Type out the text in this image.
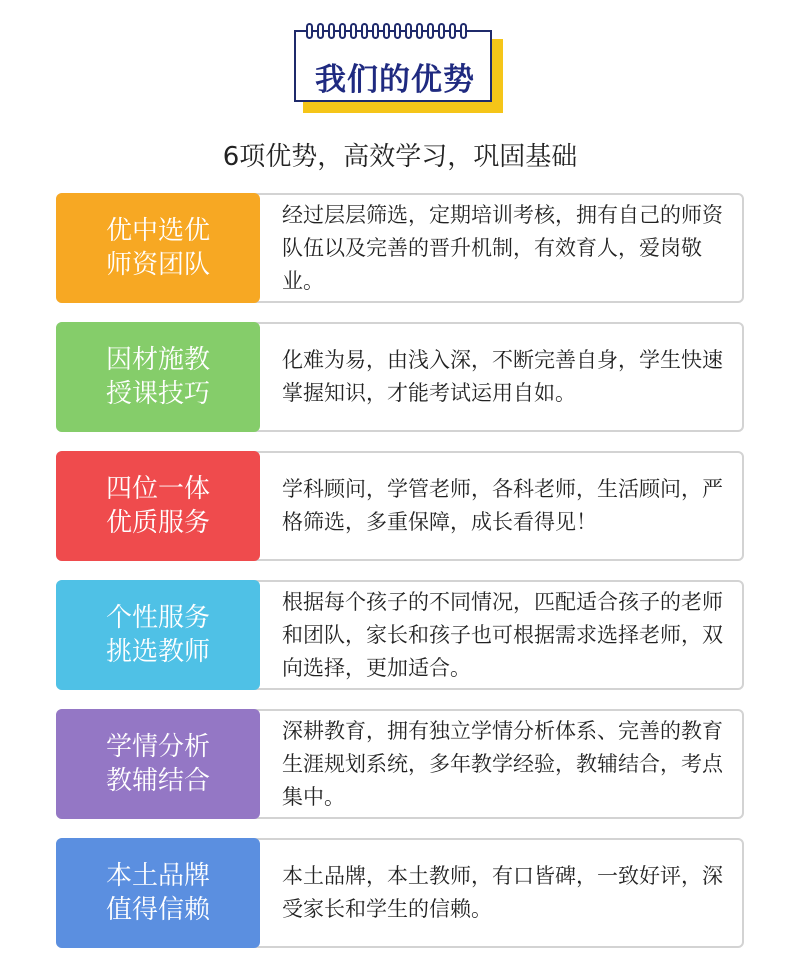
我们的优势
6项优势，高效学习，巩固基础
优中选优
师资团队
经过层层筛选，定期培训考核，拥有自己的师资队伍以及完善的晋升机制，有效育人，爱岗敬业。
因材施教
授课技巧
化难为易，由浅入深，不断完善自身，学生快速掌握知识，才能考试运用自如。
四位一体
优质服务
学科顾问，学管老师，各科老师，生活顾问，严格筛选，多重保障，成长看得见！
个性服务
挑选教师
根据每个孩子的不同情况，匹配适合孩子的老师和团队，家长和孩子也可根据需求选择老师，双向选择，更加适合。
学情分析
教辅结合
深耕教育，拥有独立学情分析体系、完善的教育生涯规划系统，多年教学经验，教辅结合，考点集中。
本土品牌
值得信赖
本土品牌，本土教师，有口皆碑，一致好评，深受家长和学生的信赖。
